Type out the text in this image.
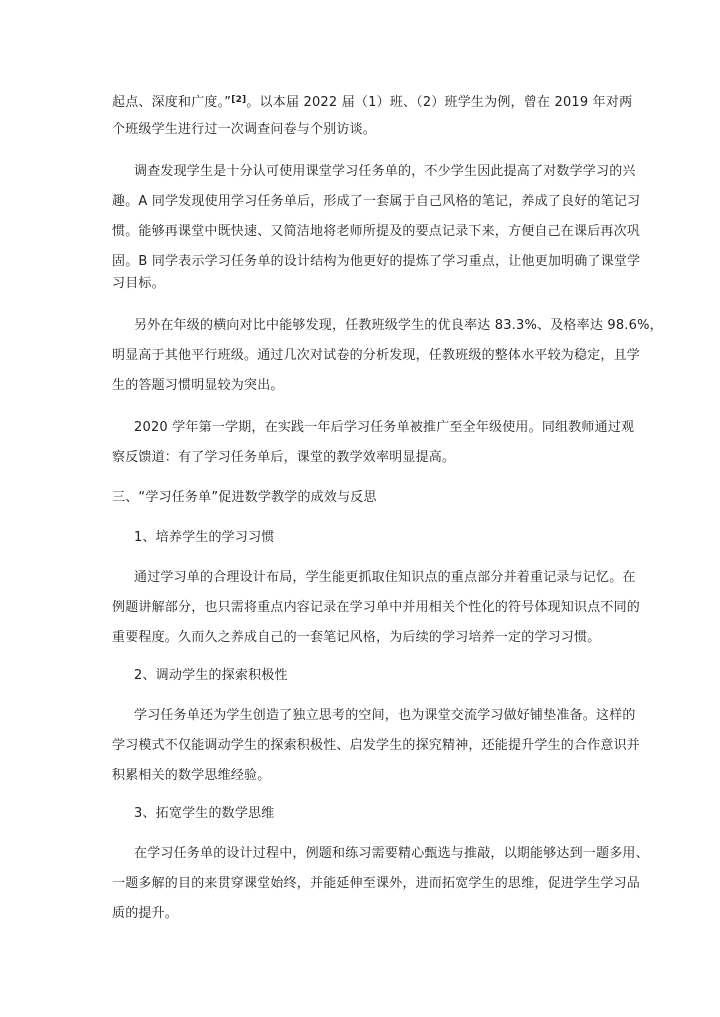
起点、深度和广度。”[2]。以本届 2022 届（1）班、（2）班学生为例，曾在 2019 年对两
个班级学生进行过一次调查问卷与个别访谈。
调查发现学生是十分认可使用课堂学习任务单的，不少学生因此提高了对数学学习的兴
趣。A 同学发现使用学习任务单后，形成了一套属于自己风格的笔记，养成了良好的笔记习
惯。能够再课堂中既快速、又简洁地将老师所提及的要点记录下来，方便自己在课后再次巩
固。B 同学表示学习任务单的设计结构为他更好的提炼了学习重点，让他更加明确了课堂学
习目标。
另外在年级的横向对比中能够发现，任教班级学生的优良率达 83.3%、及格率达 98.6%，
明显高于其他平行班级。通过几次对试卷的分析发现，任教班级的整体水平较为稳定，且学
生的答题习惯明显较为突出。
2020 学年第一学期，在实践一年后学习任务单被推广至全年级使用。同组教师通过观
察反馈道：有了学习任务单后，课堂的教学效率明显提高。
三、“学习任务单”促进数学教学的成效与反思
1、培养学生的学习习惯
通过学习单的合理设计布局，学生能更抓取住知识点的重点部分并着重记录与记忆。在
例题讲解部分，也只需将重点内容记录在学习单中并用相关个性化的符号体现知识点不同的
重要程度。久而久之养成自己的一套笔记风格，为后续的学习培养一定的学习习惯。
2、调动学生的探索积极性
学习任务单还为学生创造了独立思考的空间，也为课堂交流学习做好铺垫准备。这样的
学习模式不仅能调动学生的探索积极性、启发学生的探究精神，还能提升学生的合作意识并
积累相关的数学思维经验。
3、拓宽学生的数学思维
在学习任务单的设计过程中，例题和练习需要精心甄选与推敲，以期能够达到一题多用、
一题多解的目的来贯穿课堂始终，并能延伸至课外，进而拓宽学生的思维，促进学生学习品
质的提升。
